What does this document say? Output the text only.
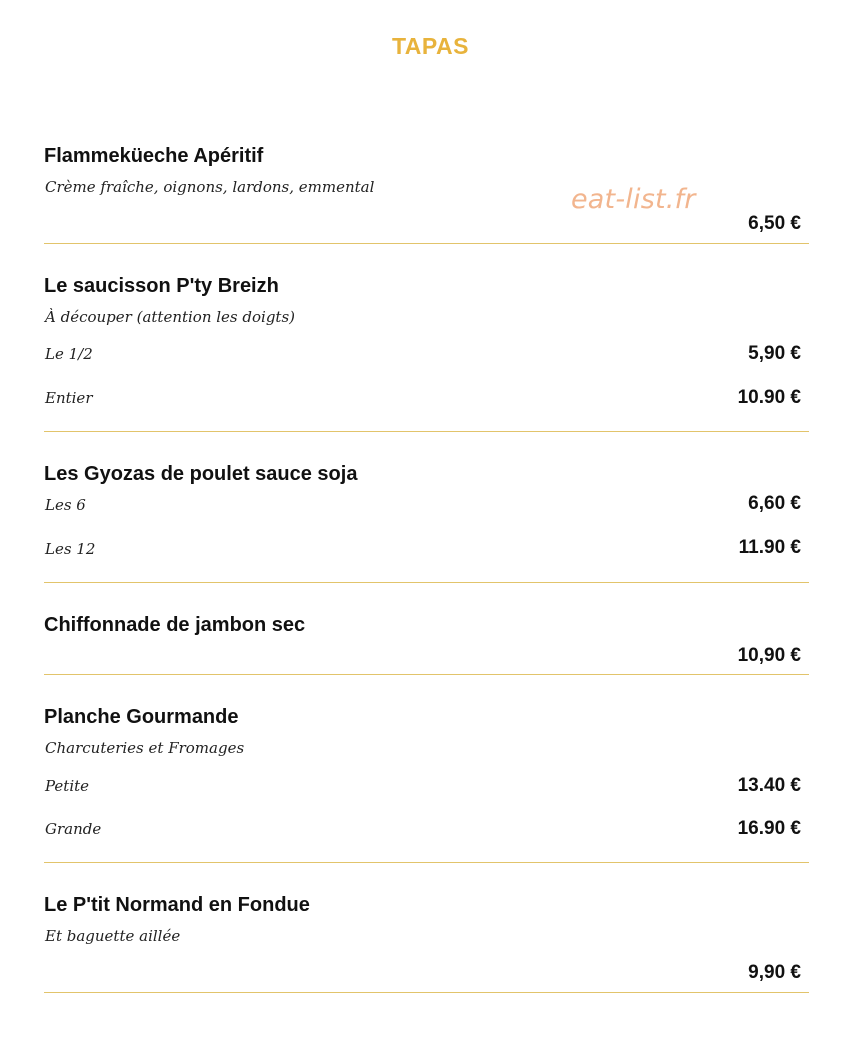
TAPAS
eat-list.fr
Flammeküeche Apéritif
Crème fraîche, oignons, lardons, emmental
6,50 €
Le saucisson P'ty Breizh
À découper (attention les doigts)
Le 1/2	5,90 €
Entier	10.90 €
Les Gyozas de poulet sauce soja
Les 6	6,60 €
Les 12	11.90 €
Chiffonnade de jambon sec
10,90 €
Planche Gourmande
Charcuteries et Fromages
Petite	13.40 €
Grande	16.90 €
Le P'tit Normand en Fondue
Et baguette aillée
9,90 €
